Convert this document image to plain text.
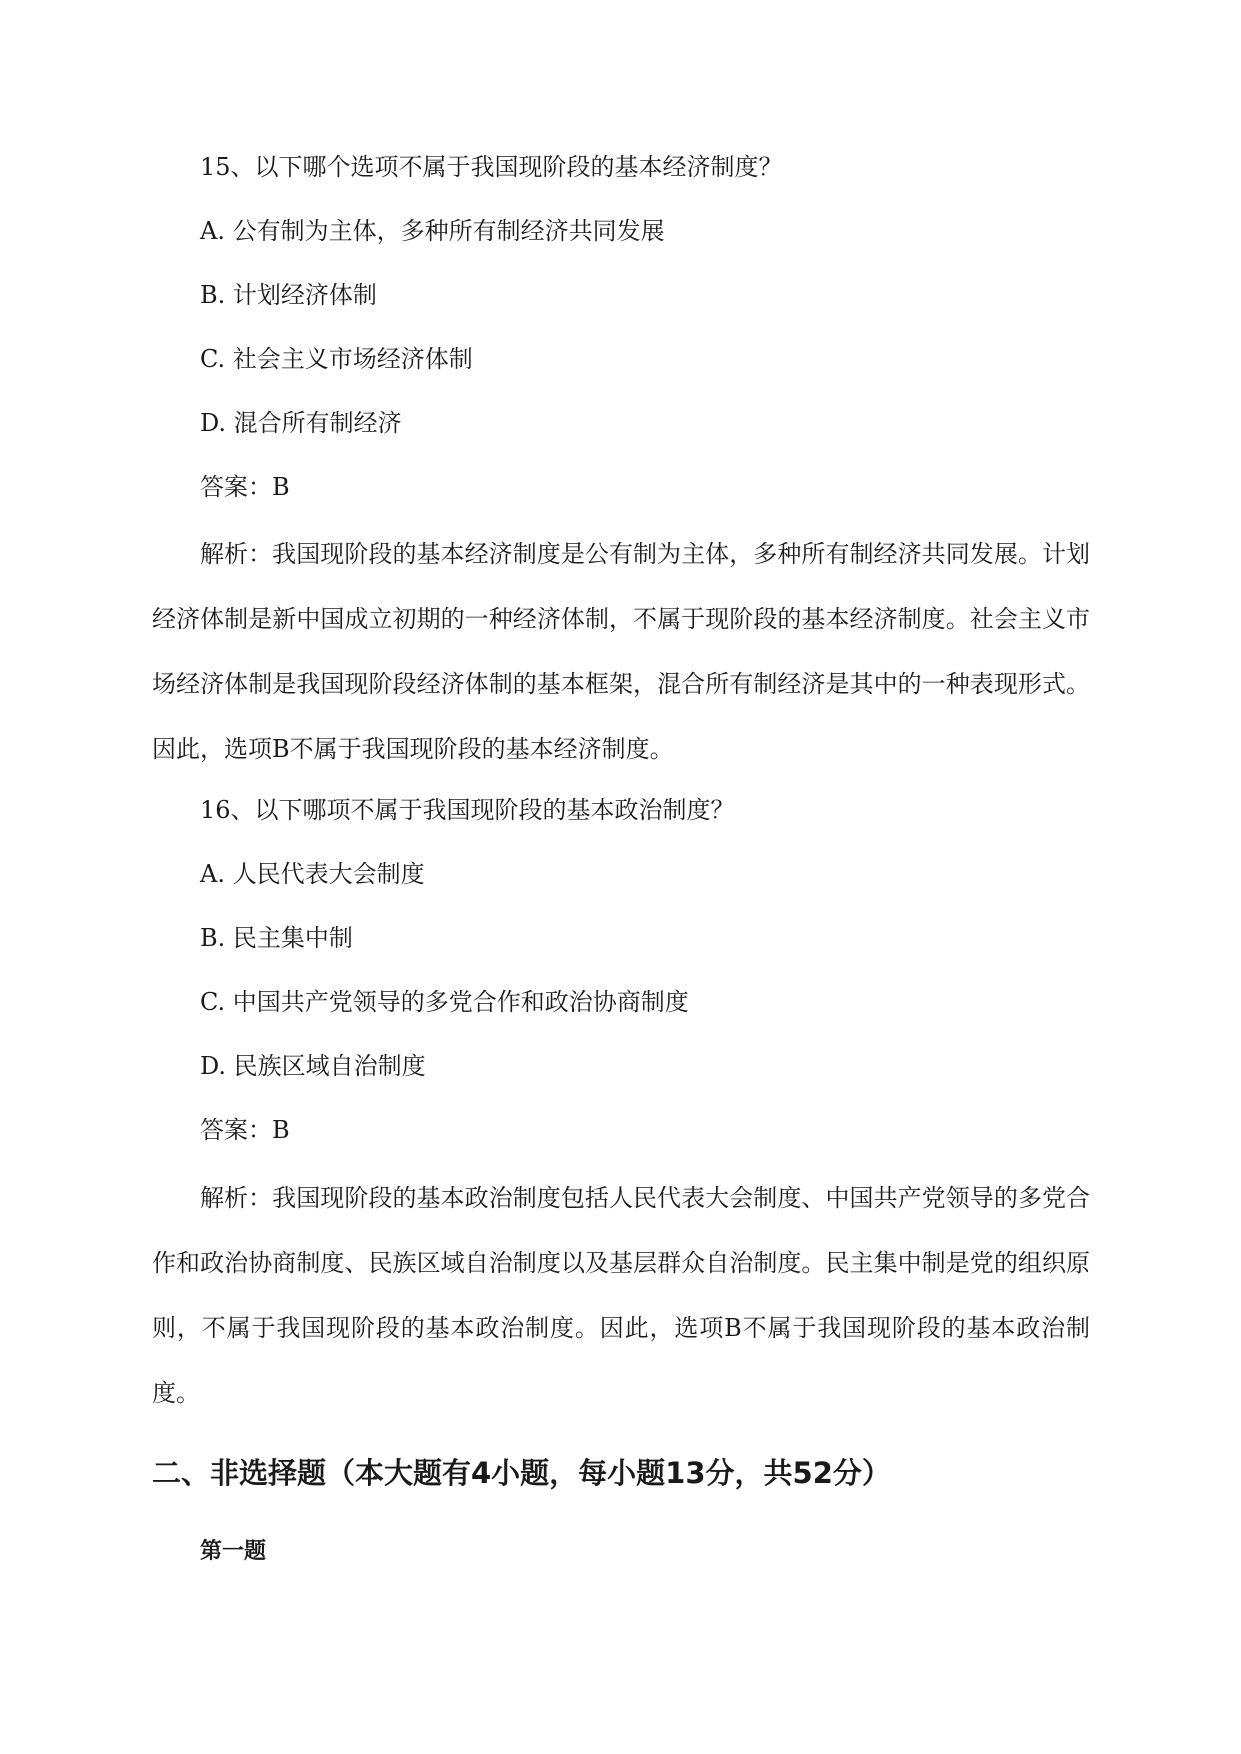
15、以下哪个选项不属于我国现阶段的基本经济制度？
A. 公有制为主体，多种所有制经济共同发展
B. 计划经济体制
C. 社会主义市场经济体制
D. 混合所有制经济
答案：B
解析：我国现阶段的基本经济制度是公有制为主体，多种所有制经济共同发展。计划经济体制是新中国成立初期的一种经济体制，不属于现阶段的基本经济制度。社会主义市场经济体制是我国现阶段经济体制的基本框架，混合所有制经济是其中的一种表现形式。因此，选项B不属于我国现阶段的基本经济制度。
16、以下哪项不属于我国现阶段的基本政治制度？
A. 人民代表大会制度
B. 民主集中制
C. 中国共产党领导的多党合作和政治协商制度
D. 民族区域自治制度
答案：B
解析：我国现阶段的基本政治制度包括人民代表大会制度、中国共产党领导的多党合作和政治协商制度、民族区域自治制度以及基层群众自治制度。民主集中制是党的组织原则，不属于我国现阶段的基本政治制度。因此，选项B不属于我国现阶段的基本政治制度。
二、非选择题（本大题有4小题，每小题13分，共52分）
第一题
